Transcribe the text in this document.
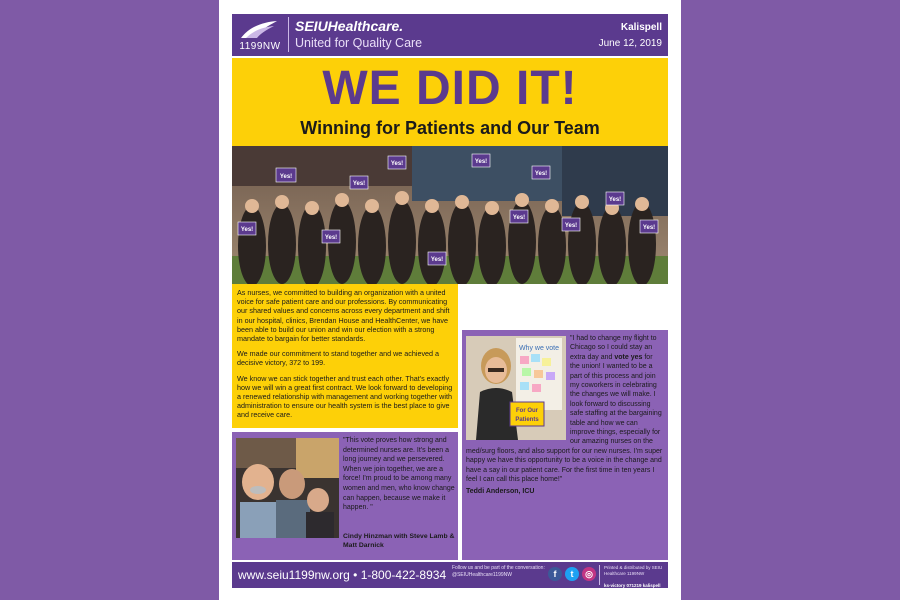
1199NW
SEIUHealthcare.
United for Quality Care
Kalispell
June 12, 2019
WE DID IT!
Winning for Patients and Our Team
Yes!
Yes!
Yes!	Yes!
Yes!
Yes!
Yes!
Yes!
Yes!
Yes!
Yes!	Yes!

As nurses, we committed to building an organization with a united voice for safe patient care and our professions. By communicating our shared values and concerns across every department and shift in our hospital, clinics, Brendan House and HealthCenter, we have been able to build our union and win our election with a strong mandate to bargain for better standards.

We made our commitment to stand together and we achieved a decisive victory, 372 to 199.

We know we can stick together and trust each other. That's exactly how we will win a great first contract. We look forward to developing a renewed relationship with management and working together with administration to ensure our health system is the best place to give and receive care.

"This vote proves how strong and determined nurses are. It's been a long journey and we persevered. When we join together, we are a force! I'm proud to be among many women and men, who know change can happen, because we make it happen. "
Cindy Hinzman with Steve Lamb & Matt Darnick
Why we vote
For Our
Patients
"I had to change my flight to Chicago so I could stay an extra day and vote yes for the union! I wanted to be a part of this process and join my coworkers in celebrating the changes we will make. I look forward to discussing safe staffing at the bargaining table and how we can improve things, especially for our amazing nurses on the med/surg floors, and also support for our new nurses. I'm super happy we have this opportunity to be a voice in the change and have a say in our patient care. For the first time in ten years I feel I can call this place home!"
Teddi Anderson, ICU
www.seiu1199nw.org • 1-800-422-8934 Follow us and be part of the conversation:
@SEIUHealthcare1199NW	f	t	◎
Printed & distributed by SEIU Healthcare 1199NW
ks-victory 071219 kalispell 1004
